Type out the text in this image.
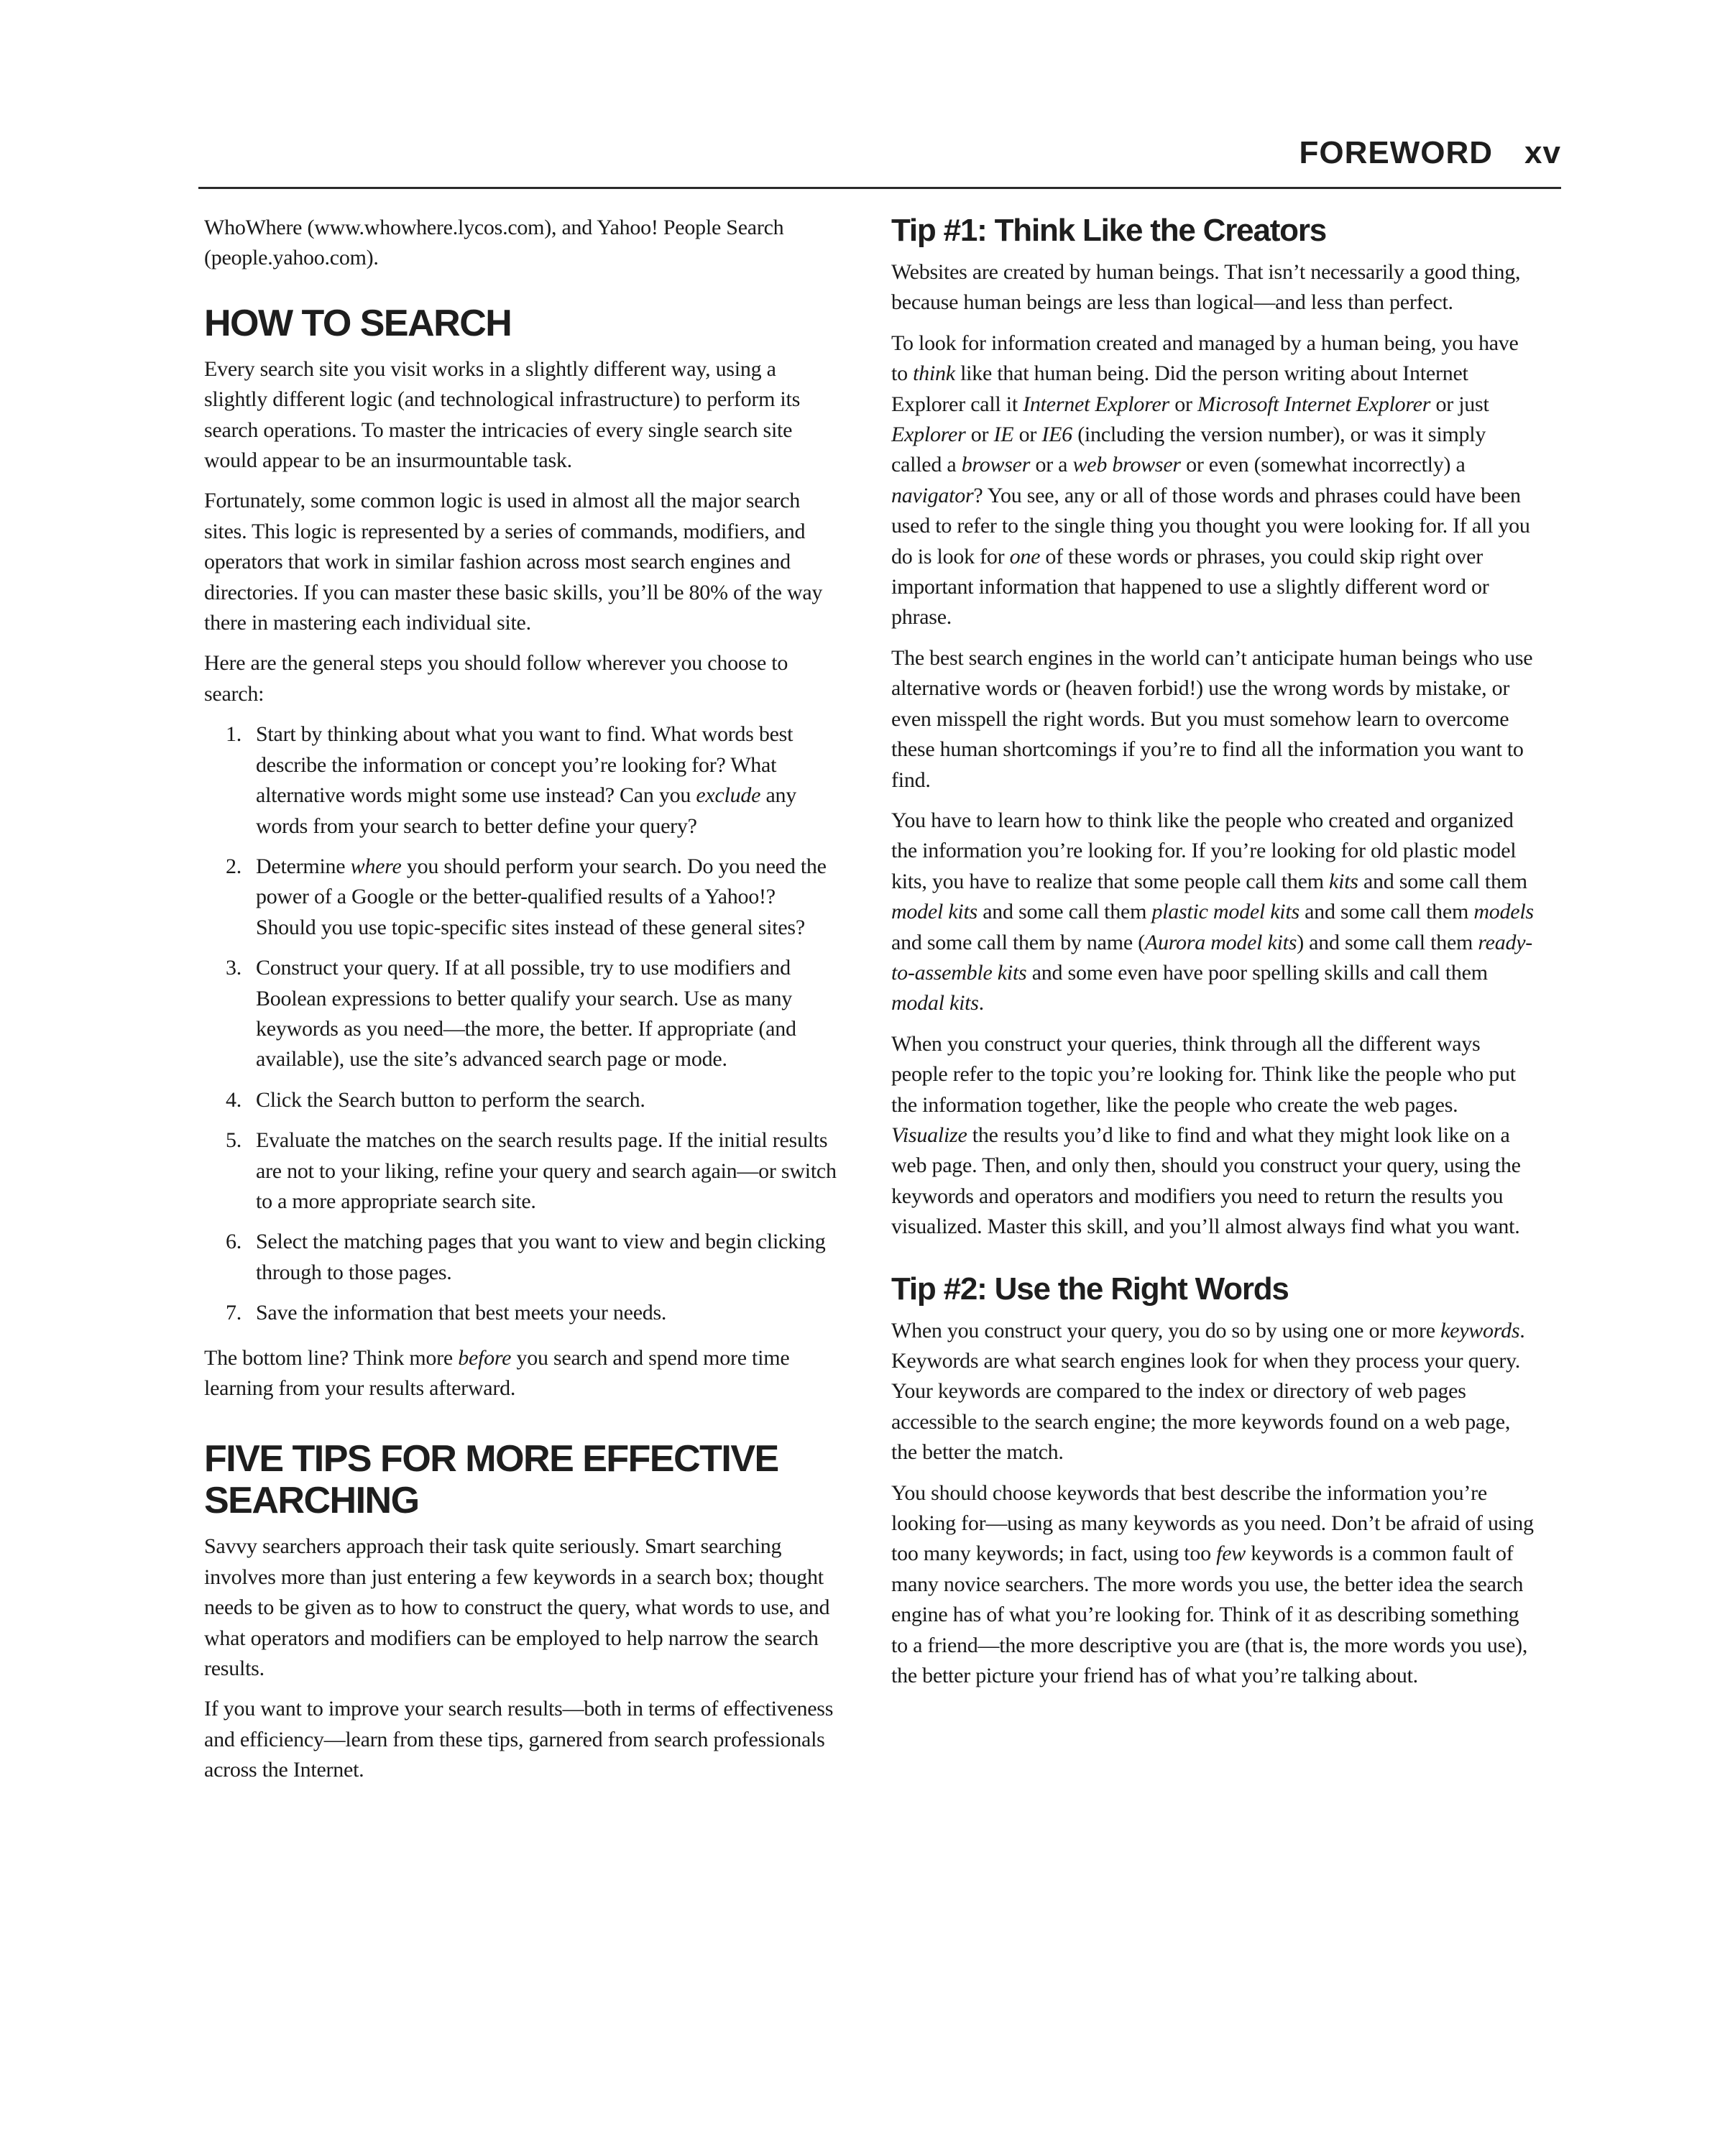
FOREWORD xv

WhoWhere (www.whowhere.lycos.com), and Yahoo! People Search (people.yahoo.com).

HOW TO SEARCH

Every search site you visit works in a slightly different way, using a slightly different logic (and technological infrastructure) to perform its search operations. To master the intricacies of every single search site would appear to be an insurmountable task.

Fortunately, some common logic is used in almost all the major search sites. This logic is represented by a series of commands, modifiers, and operators that work in similar fashion across most search engines and directories. If you can master these basic skills, you’ll be 80% of the way there in mastering each individual site.

Here are the general steps you should follow wherever you choose to search:

1. Start by thinking about what you want to find. What words best describe the information or concept you’re looking for? What alternative words might some use instead? Can you exclude any words from your search to better define your query?
2. Determine where you should perform your search. Do you need the power of a Google or the better-qualified results of a Yahoo!? Should you use topic-specific sites instead of these general sites?
3. Construct your query. If at all possible, try to use modifiers and Boolean expressions to better qualify your search. Use as many keywords as you need—the more, the better. If appropriate (and available), use the site’s advanced search page or mode.
4. Click the Search button to perform the search.
5. Evaluate the matches on the search results page. If the initial results are not to your liking, refine your query and search again—or switch to a more appropriate search site.
6. Select the matching pages that you want to view and begin clicking through to those pages.
7. Save the information that best meets your needs.

The bottom line? Think more before you search and spend more time learning from your results afterward.

FIVE TIPS FOR MORE EFFECTIVE SEARCHING

Savvy searchers approach their task quite seriously. Smart searching involves more than just entering a few keywords in a search box; thought needs to be given as to how to construct the query, what words to use, and what operators and modifiers can be employed to help narrow the search results.

If you want to improve your search results—both in terms of effectiveness and efficiency—learn from these tips, garnered from search professionals across the Internet.

Tip #1: Think Like the Creators

Websites are created by human beings. That isn’t necessarily a good thing, because human beings are less than logical—and less than perfect.

To look for information created and managed by a human being, you have to think like that human being. Did the person writing about Internet Explorer call it Internet Explorer or Microsoft Internet Explorer or just Explorer or IE or IE6 (including the version number), or was it simply called a browser or a web browser or even (somewhat incorrectly) a navigator? You see, any or all of those words and phrases could have been used to refer to the single thing you thought you were looking for. If all you do is look for one of these words or phrases, you could skip right over important information that happened to use a slightly different word or phrase.

The best search engines in the world can’t anticipate human beings who use alternative words or (heaven forbid!) use the wrong words by mistake, or even misspell the right words. But you must somehow learn to overcome these human shortcomings if you’re to find all the information you want to find.

You have to learn how to think like the people who created and organized the information you’re looking for. If you’re looking for old plastic model kits, you have to realize that some people call them kits and some call them model kits and some call them plastic model kits and some call them models and some call them by name (Aurora model kits) and some call them ready-to-assemble kits and some even have poor spelling skills and call them modal kits.

When you construct your queries, think through all the different ways people refer to the topic you’re looking for. Think like the people who put the information together, like the people who create the web pages. Visualize the results you’d like to find and what they might look like on a web page. Then, and only then, should you construct your query, using the keywords and operators and modifiers you need to return the results you visualized. Master this skill, and you’ll almost always find what you want.

Tip #2: Use the Right Words

When you construct your query, you do so by using one or more keywords. Keywords are what search engines look for when they process your query. Your keywords are compared to the index or directory of web pages accessible to the search engine; the more keywords found on a web page, the better the match.

You should choose keywords that best describe the information you’re looking for—using as many keywords as you need. Don’t be afraid of using too many keywords; in fact, using too few keywords is a common fault of many novice searchers. The more words you use, the better idea the search engine has of what you’re looking for. Think of it as describing something to a friend—the more descriptive you are (that is, the more words you use), the better picture your friend has of what you’re talking about.
